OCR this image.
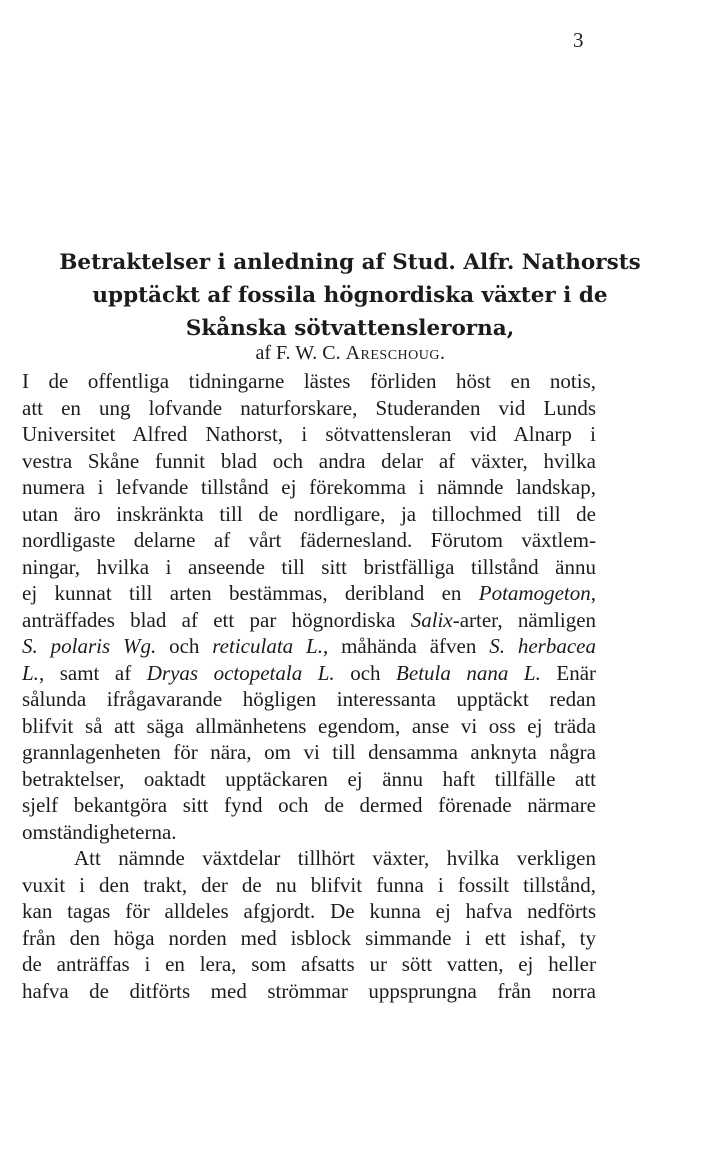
3
Betraktelser i anledning af Stud. Alfr. Nathorsts
upptäckt af fossila högnordiska växter i de
Skånska sötvattenslerorna,
af F. W. C. Areschoug.
I de offentliga tidningarne lästes förliden höst en notis,
att en ung lofvande naturforskare, Studeranden vid Lunds
Universitet Alfred Nathorst, i sötvattensleran vid Alnarp i
vestra Skåne funnit blad och andra delar af växter, hvilka
numera i lefvande tillstånd ej förekomma i nämnde landskap,
utan äro inskränkta till de nordligare, ja tillochmed till de
nordligaste delarne af vårt fädernesland. Förutom växtlem-
ningar, hvilka i anseende till sitt bristfälliga tillstånd ännu
ej kunnat till arten bestämmas, deribland en Potamogeton,
anträffades blad af ett par högnordiska Salix-arter, nämligen
S. polaris Wg. och reticulata L., måhända äfven S. herbacea
L., samt af Dryas octopetala L. och Betula nana L. Enär
sålunda ifrågavarande högligen interessanta upptäckt redan
blifvit så att säga allmänhetens egendom, anse vi oss ej träda
grannlagenheten för nära, om vi till densamma anknyta några
betraktelser, oaktadt upptäckaren ej ännu haft tillfälle att
sjelf bekantgöra sitt fynd och de dermed förenade närmare
omständigheterna.
Att nämnde växtdelar tillhört växter, hvilka verkligen
vuxit i den trakt, der de nu blifvit funna i fossilt tillstånd,
kan tagas för alldeles afgjordt. De kunna ej hafva nedförts
från den höga norden med isblock simmande i ett ishaf, ty
de anträffas i en lera, som afsatts ur sött vatten, ej heller
hafva de ditförts med strömmar uppsprungna från norra
